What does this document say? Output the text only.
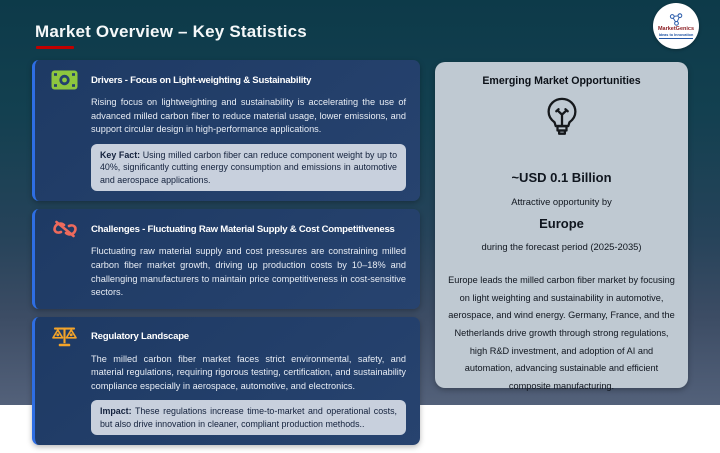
Market Overview – Key Statistics	MarketGenics
Ideas to Innovation
Drivers - Focus on Light-weighting & Sustainability
Rising focus on lightweighting and sustainability is accelerating the use of advanced milled carbon fiber to reduce material usage, lower emissions, and support circular design in high-performance applications.
Key Fact: Using milled carbon fiber can reduce component weight by up to 40%, significantly cutting energy consumption and emissions in automotive and aerospace applications.
Challenges - Fluctuating Raw Material Supply & Cost Competitiveness
Fluctuating raw material supply and cost pressures are constraining milled carbon fiber market growth, driving up production costs by 10–18% and challenging manufacturers to maintain price competitiveness in cost-sensitive sectors.
Regulatory Landscape
The milled carbon fiber market faces strict environmental, safety, and material regulations, requiring rigorous testing, certification, and sustainability compliance especially in aerospace, automotive, and electronics.
Impact: These regulations increase time-to-market and operational costs, but also drive innovation in cleaner, compliant production methods..
Emerging Market Opportunities
~USD 0.1 Billion
Attractive opportunity by
Europe
during the forecast period (2025-2035)
Europe leads the milled carbon fiber market by focusing on light weighting and sustainability in automotive, aerospace, and wind energy. Germany, France, and the Netherlands drive growth through strong regulations, high R&D investment, and adoption of AI and automation, advancing sustainable and efficient composite manufacturing.
